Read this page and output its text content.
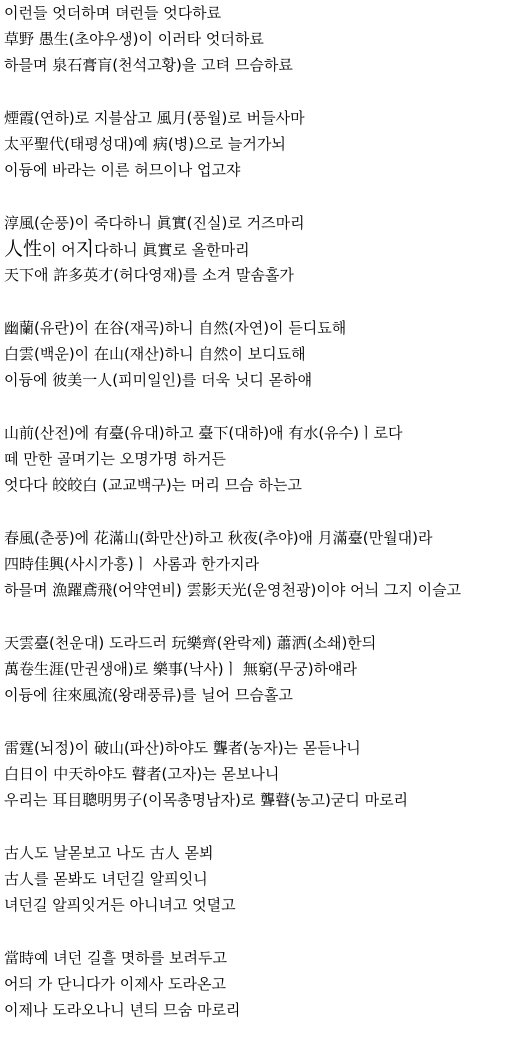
이런들 엇더하며 뎌런들 엇다하료
草野 愚生(초야우생)이 이러타 엇더하료
하믈며 泉石膏肓(천석고황)을 고텨 므슴하료
煙霞(연하)로 지블삼고 風月(풍월)로 버들사마
太平聖代(태평성대)예 病(병)으로 늘거가뇌
이듕에 바라는 이른 허므이나 업고쟈
淳風(순풍)이 죽다하니 眞實(진실)로 거즈마리
人性이 어지다하니 眞實로 올한마리
天下애 許多英才(허다영재)를 소겨 말솜홀가
幽蘭(유란)이 在谷(재곡)하니 自然(자연)이 듣디됴해
白雲(백운)이 在山(재산)하니 自然이 보디됴해
이듕에 彼美一人(피미일인)를 더욱 닛디 몯하얘
山前(산전)에 有臺(유대)하고 臺下(대하)애 有水(유수)ㅣ로다
떼 만한 골며기는 오명가명 하거든
엇다다 皎皎白 (교교백구)는 머리 므슴 하는고
春風(춘풍)에 花滿山(화만산)하고 秋夜(추야)애 月滿臺(만월대)라
四時佳興(사시가흥)ㅣ 사롬과 한가지라
하믈며 漁躍鳶飛(어약연비) 雲影天光(운영천광)이야 어늬 그지 이슬고
天雲臺(천운대) 도라드러 玩樂齊(완락제) 蕭洒(소쇄)한듸
萬卷生涯(만권생애)로 樂事(낙사)ㅣ 無窮(무궁)하얘라
이듕에 往來風流(왕래풍류)를 닐어 므슴홀고
雷霆(뇌정)이 破山(파산)하야도 聾者(농자)는 몯듣나니
白日이 中天하야도 瞽者(고자)는 몯보나니
우리는 耳目聰明男子(이목총명남자)로 聾瞽(농고)굳디 마로리
古人도 날몯보고 나도 古人 몯뵈
古人를 몯봐도 녀던길 알픠잇니
녀던길 알픠잇거든 아니녀고 엇뎔고
當時예 녀던 길흘 몃하를 보려두고
어듸 가 단니다가 이제사 도라온고
이제나 도라오나니 년듸 므숨 마로리
